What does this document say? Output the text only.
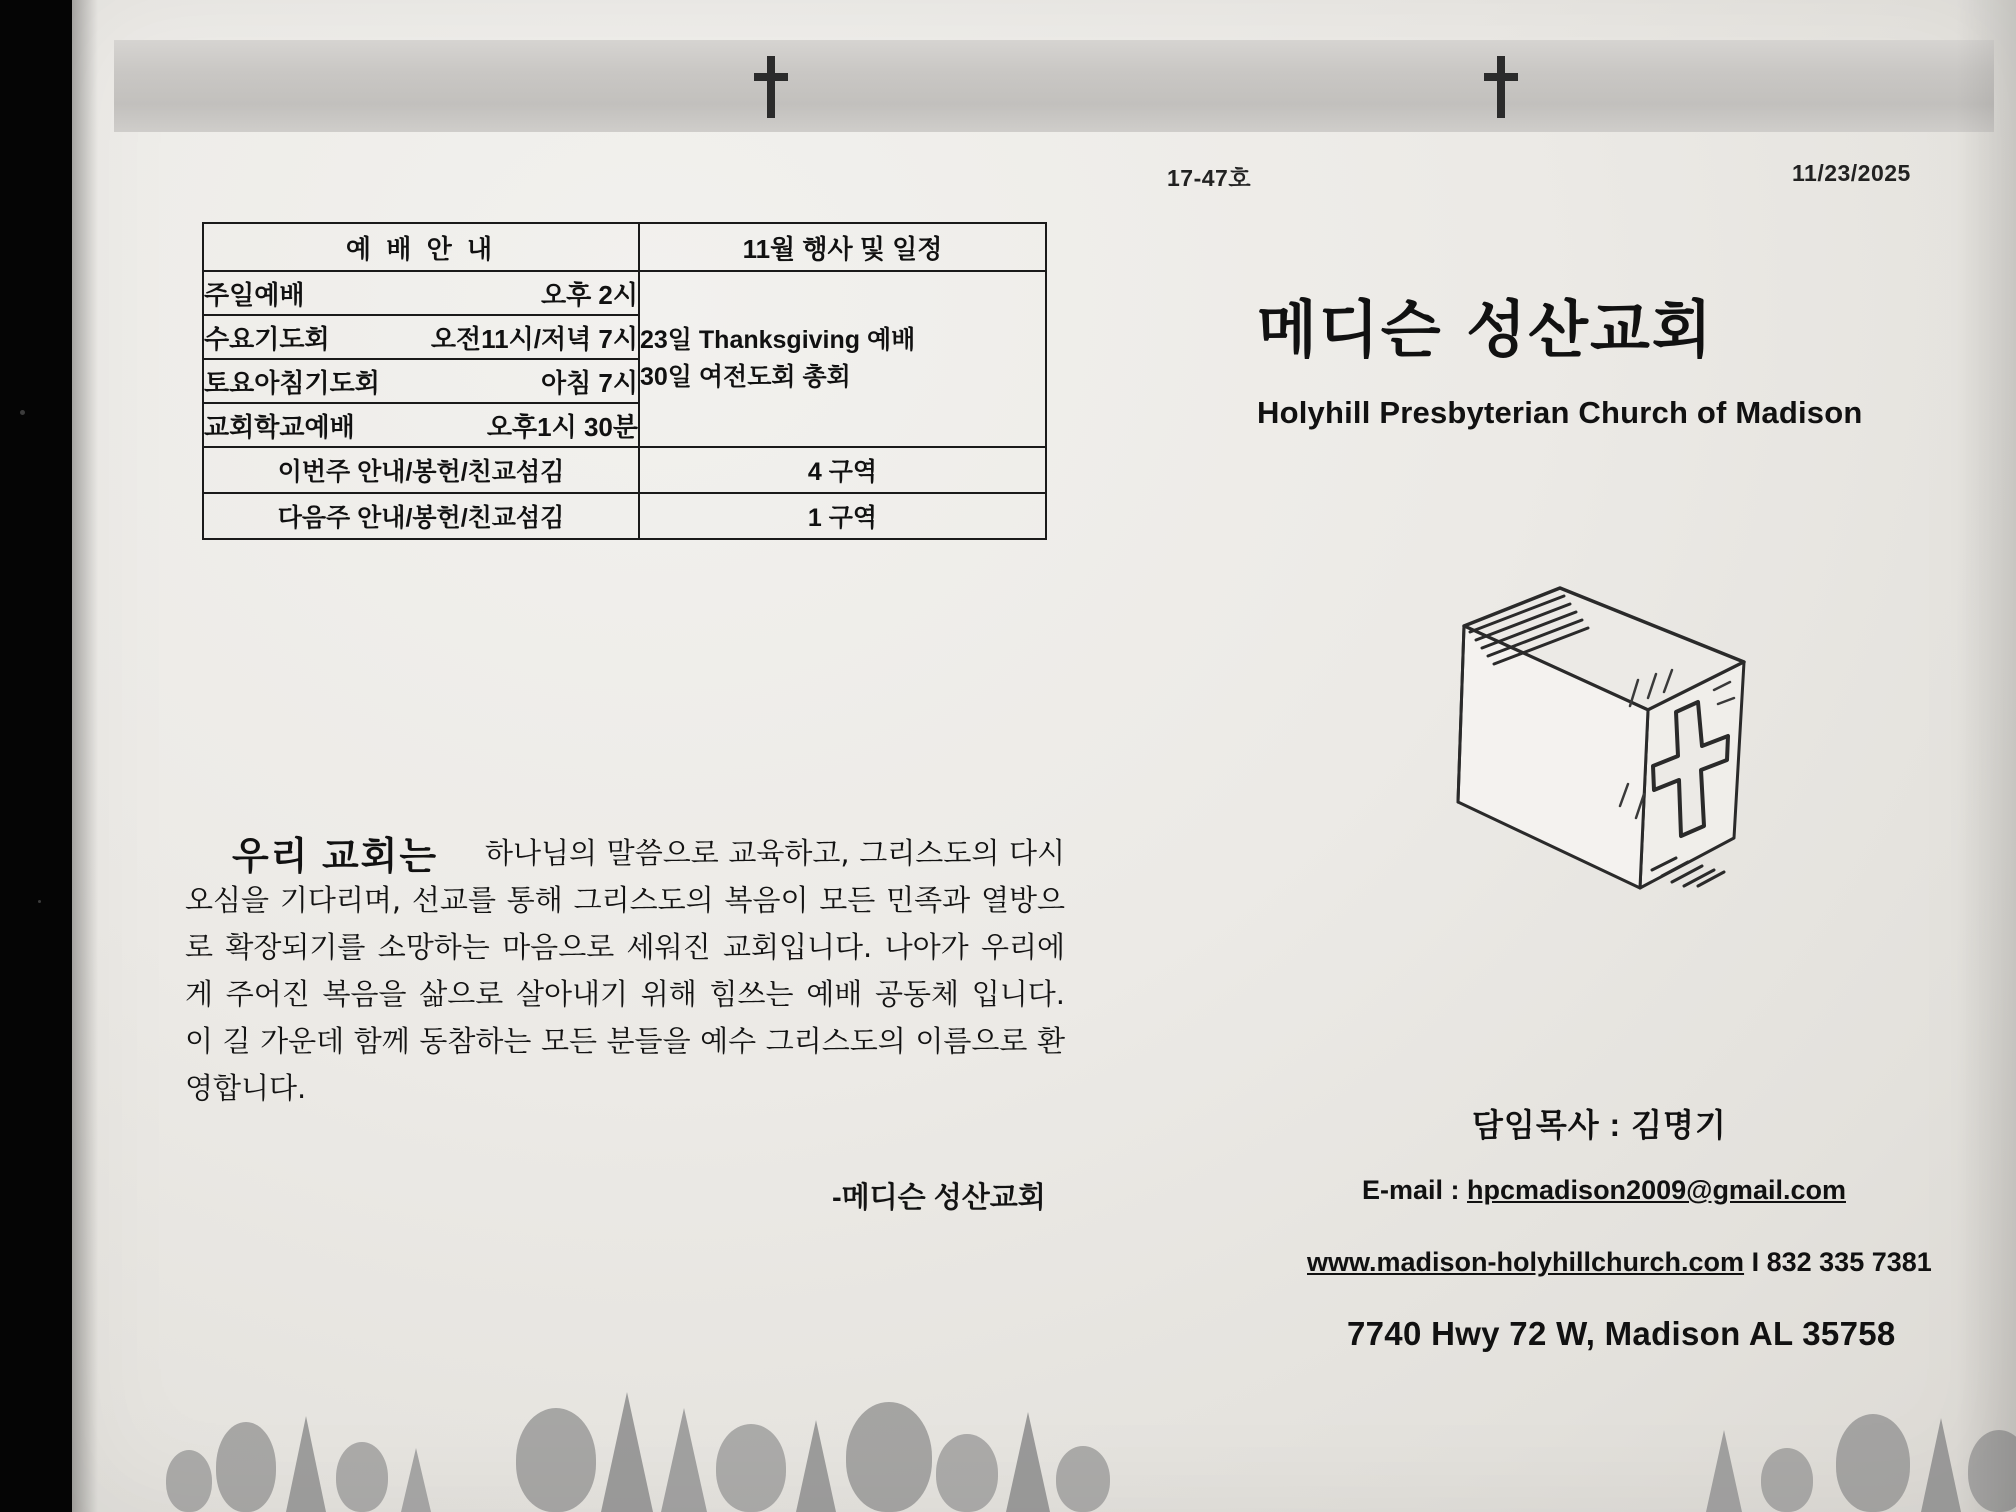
17-47호	11/23/2025
예 배 안 내		11월 행사 및 일정
주일예배	오후 2시	23일 Thanksgiving 예배
30일 여전도회 총회

수요기도회	오전11시/저녁 7시	
토요아침기도회	아침 7시	
교회학교예배	오후1시 30분	
이번주 안내/봉헌/친교섬김		4 구역
다음주 안내/봉헌/친교섬김		1 구역
메디슨 성산교회
Holyhill Presbyterian Church of Madison
담임목사 : 김명기
E-mail : hpcmadison2009@gmail.com
www.madison-holyhillchurch.com I 832 335 7381
7740 Hwy 72 W, Madison AL 35758
하나님의 말씀으로 교육하고, 그리스도의 다시 오심을 기다리며, 선교를 통해 그리스도의 복음이 모든 민족과 열방으로 확장되기를 소망하는 마음으로 세워진 교회입니다. 나아가 우리에게 주어진 복음을 삶으로 살아내기 위해 힘쓰는 예배 공동체 입니다. 이 길 가운데 함께 동참하는 모든 분들을 예수 그리스도의 이름으로 환영합니다.
우리 교회는
-메디슨 성산교회
